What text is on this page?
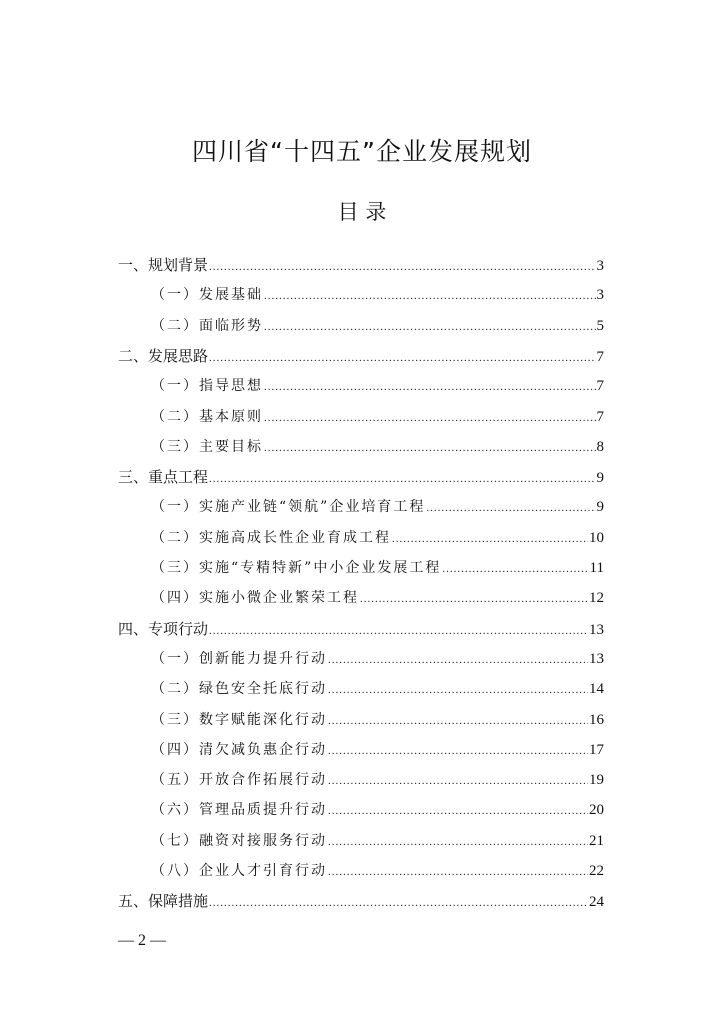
四川省“十四五”企业发展规划
目 录
一、规划背景 .....	3
（一）发展基础 .....	3
（二）面临形势 .....	5
二、发展思路 .....	7
（一）指导思想 .....	7
（二）基本原则 .....	7
（三）主要目标 .....	8
三、重点工程 .....	9
（一）实施产业链“领航”企业培育工程 .....	9
（二）实施高成长性企业育成工程 .....	10
（三）实施“专精特新”中小企业发展工程 .....	11
（四）实施小微企业繁荣工程 .....	12
四、专项行动 .....	13
（一）创新能力提升行动 .....	13
（二）绿色安全托底行动 .....	14
（三）数字赋能深化行动 .....	16
（四）清欠减负惠企行动 .....	17
（五）开放合作拓展行动 .....	19
（六）管理品质提升行动 .....	20
（七）融资对接服务行动 .....	21
（八）企业人才引育行动 .....	22
五、保障措施 .....	24
— 2 —
